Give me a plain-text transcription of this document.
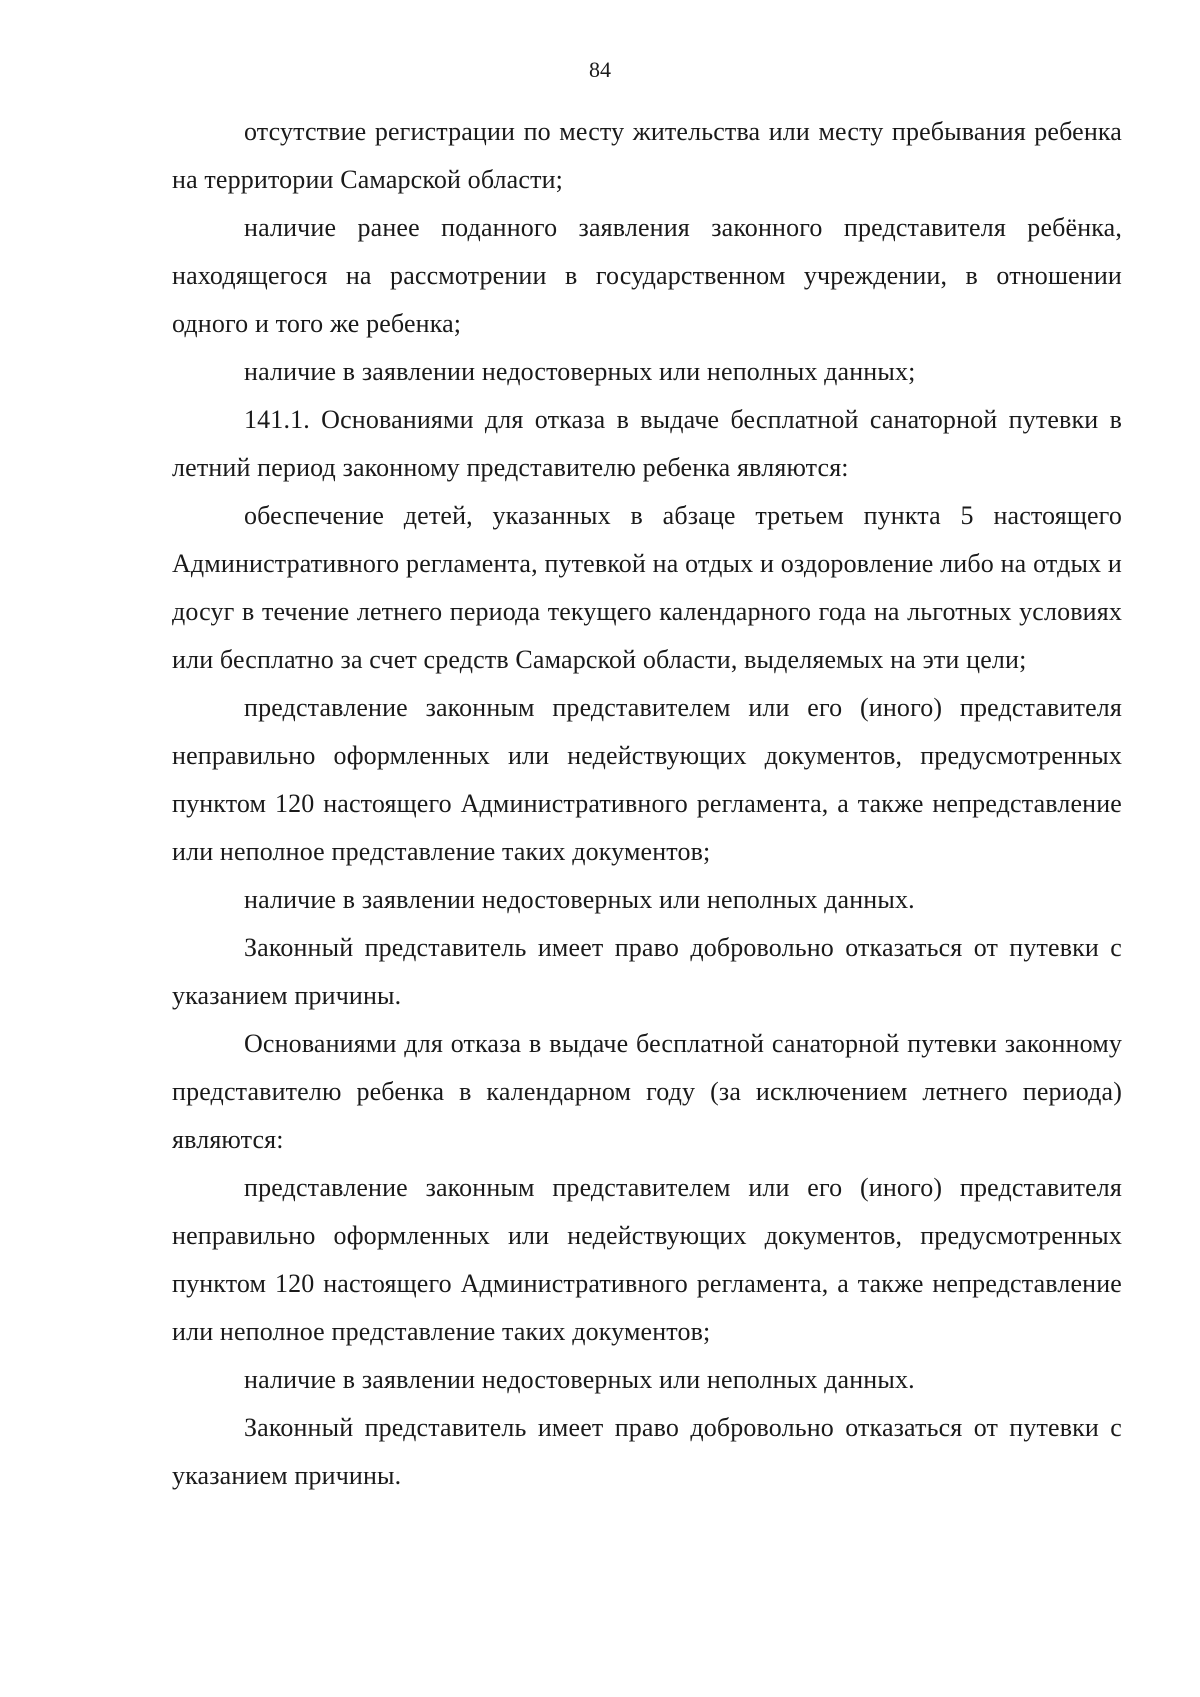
84

отсутствие регистрации по месту жительства или месту пребывания ребенка на территории Самарской области;

наличие ранее поданного заявления законного представителя ребёнка, находящегося на рассмотрении в государственном учреждении, в отношении одного и того же ребенка;

наличие в заявлении недостоверных или неполных данных;

141.1. Основаниями для отказа в выдаче бесплатной санаторной путевки в летний период законному представителю ребенка являются:

обеспечение детей, указанных в абзаце третьем пункта 5 настоящего Административного регламента, путевкой на отдых и оздоровление либо на отдых и досуг в течение летнего периода текущего календарного года на льготных условиях или бесплатно за счет средств Самарской области, выделяемых на эти цели;

представление законным представителем или его (иного) представителя неправильно оформленных или недействующих документов, предусмотренных пунктом 120 настоящего Административного регламента, а также непредставление или неполное представление таких документов;

наличие в заявлении недостоверных или неполных данных.

Законный представитель имеет право добровольно отказаться от путевки с указанием причины.

Основаниями для отказа в выдаче бесплатной санаторной путевки законному представителю ребенка в календарном году (за исключением летнего периода) являются:

представление законным представителем или его (иного) представителя неправильно оформленных или недействующих документов, предусмотренных пунктом 120 настоящего Административного регламента, а также непредставление или неполное представление таких документов;

наличие в заявлении недостоверных или неполных данных.

Законный представитель имеет право добровольно отказаться от путевки с указанием причины.
